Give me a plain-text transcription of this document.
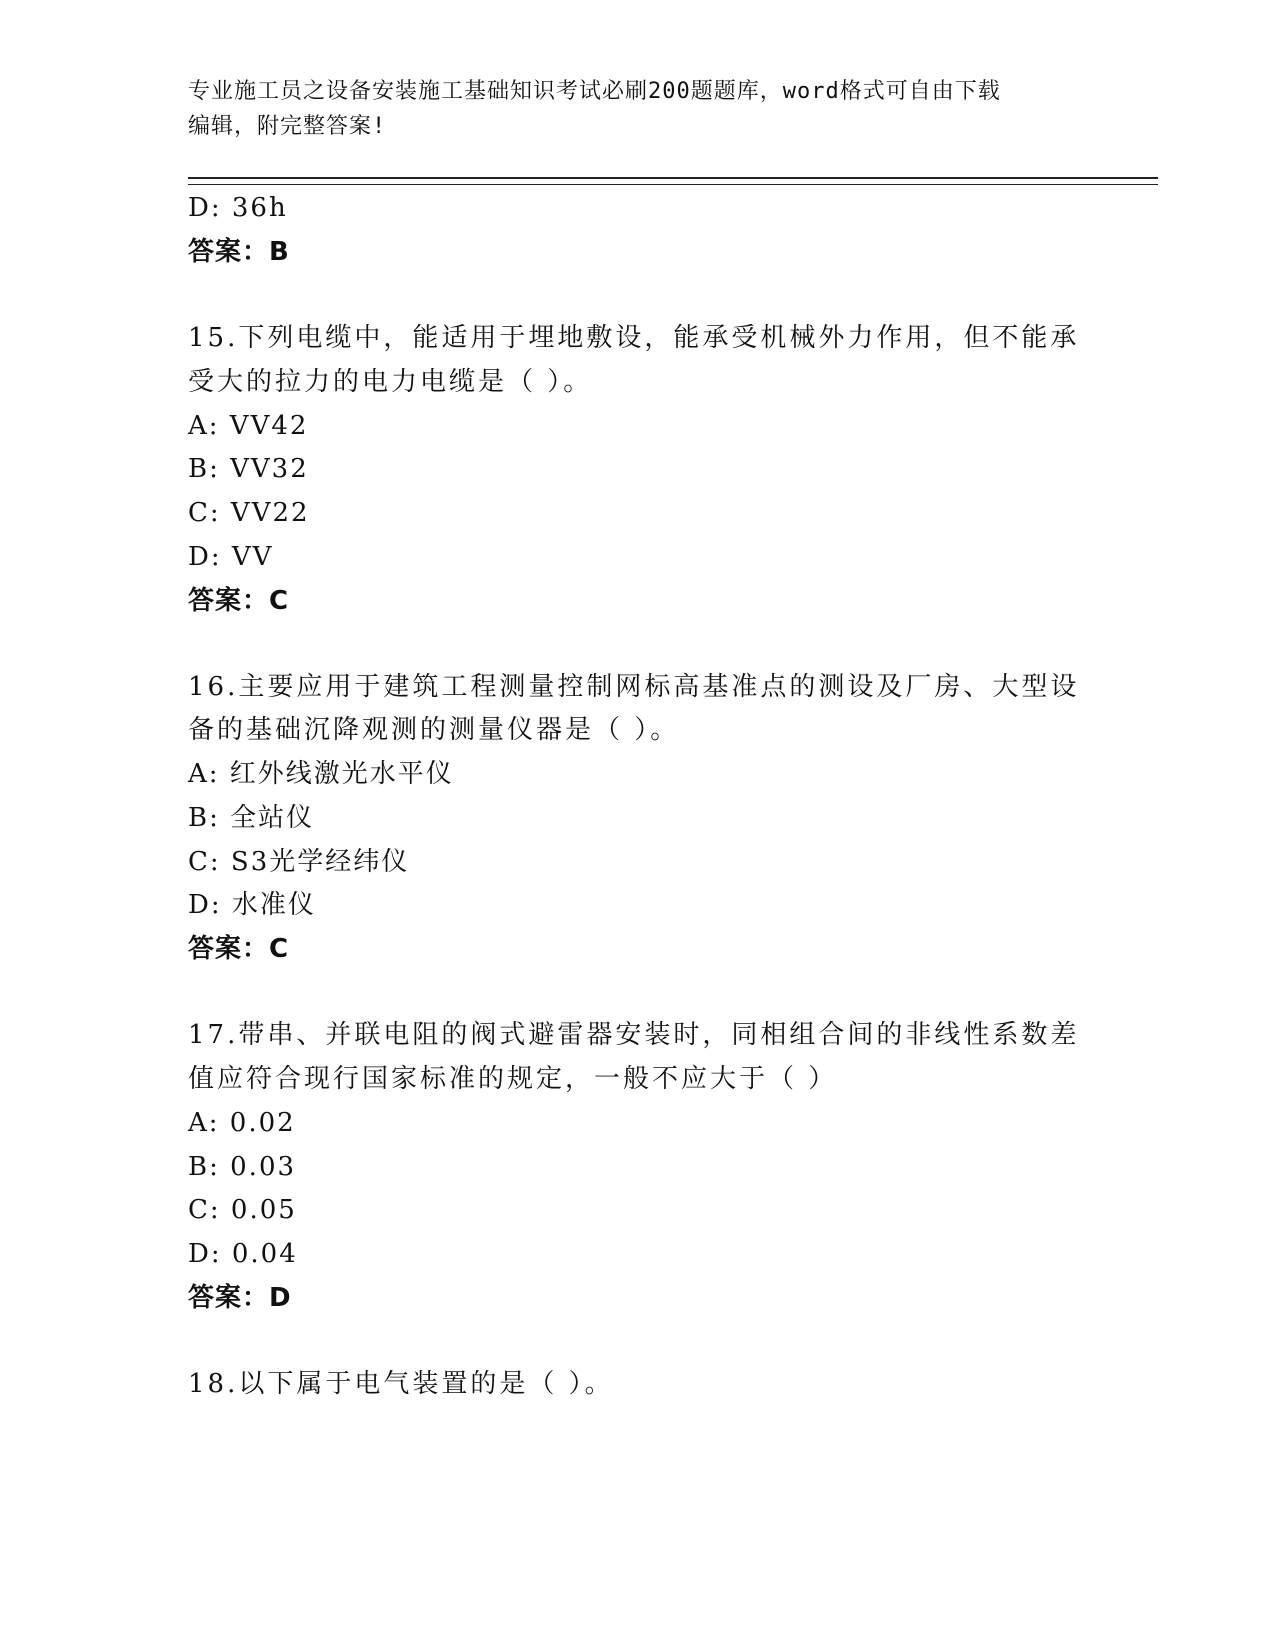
专业施工员之设备安装施工基础知识考试必刷200题题库，word格式可自由下载
编辑，附完整答案!
D: 36h
答案：B
15.下列电缆中，能适用于埋地敷设，能承受机械外力作用，但不能承
受大的拉力的电力电缆是（ ）。
A: VV42
B: VV32
C: VV22
D: VV
答案：C
16.主要应用于建筑工程测量控制网标高基准点的测设及厂房、大型设
备的基础沉降观测的测量仪器是（ ）。
A: 红外线激光水平仪
B: 全站仪
C: S3光学经纬仪
D: 水准仪
答案：C
17.带串、并联电阻的阀式避雷器安装时，同相组合间的非线性系数差
值应符合现行国家标准的规定，一般不应大于（ ）
A: 0.02
B: 0.03
C: 0.05
D: 0.04
答案：D
18.以下属于电气装置的是（ ）。
